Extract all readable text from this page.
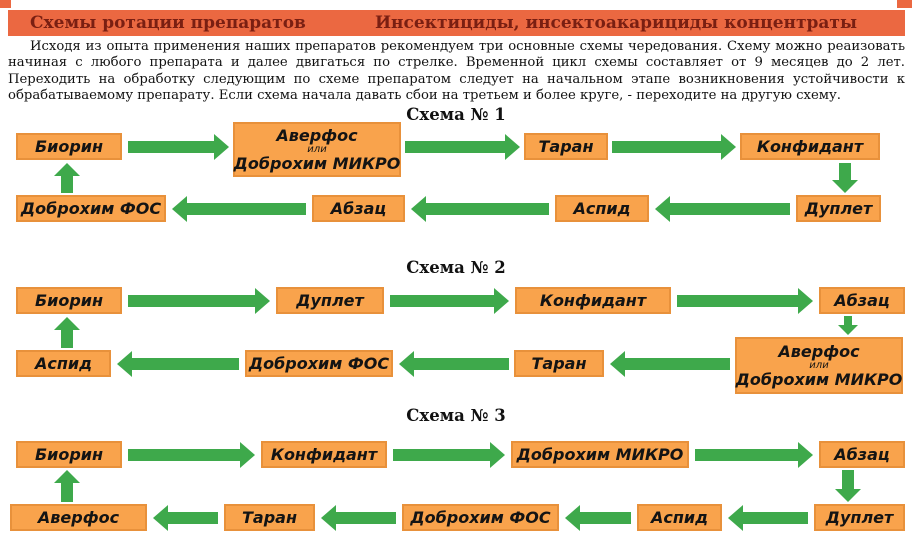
Схемы ротации препаратов	Инсектициды, инсектоакарициды концентраты
Исходя из опыта применения наших препаратов рекомендуем три основные схемы чередования. Схему можно реаизовать начиная с любого препарата и далее двигаться по стрелке. Временной цикл схемы составляет от 9 месяцев до 2 лет. Переходить на обработку следующим по схеме препаратом следует на начальном этапе возникновения устойчивости к обрабатываемому препарату. Если схема начала давать сбои на третьем и более круге, - переходите на другую схему.
Схема № 1
Биорин
Аверфос
или
Доброхим МИКРО
Таран	Конфидант
Дуплет
Аспид
Абзац
Доброхим ФОС
Схема № 2
Биорин	Дуплет	Конфидант	Абзац
Аверфос
или
Доброхим МИКРО
Таран
Доброхим ФОС
Аспид
Схема № 3
Биорин	Конфидант	Доброхим МИКРО	Абзац
Дуплет
Аспид
Доброхим ФОС
Таран
Аверфос
